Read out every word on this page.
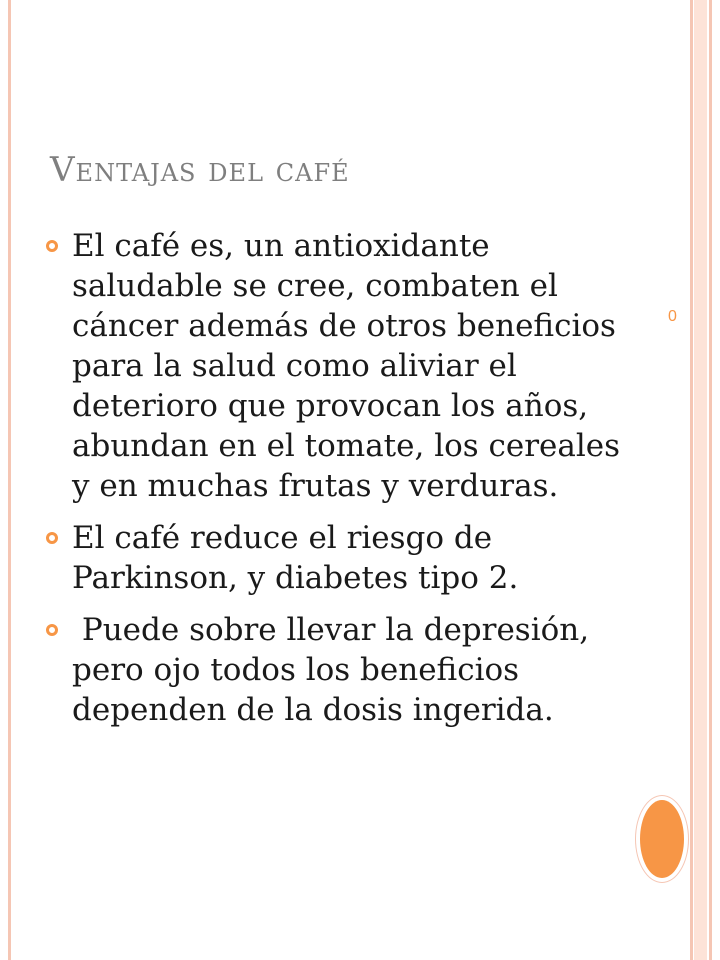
Ventajas del café
El café es, un antioxidante saludable se cree, combaten el cáncer además de otros beneficios para la salud como aliviar el deterioro que provocan los años, abundan en el tomate, los cereales y en muchas frutas y verduras.
El café reduce el riesgo de Parkinson, y diabetes tipo 2.
Puede sobre llevar la depresión, pero ojo todos los beneficios dependen de la dosis ingerida.
0
